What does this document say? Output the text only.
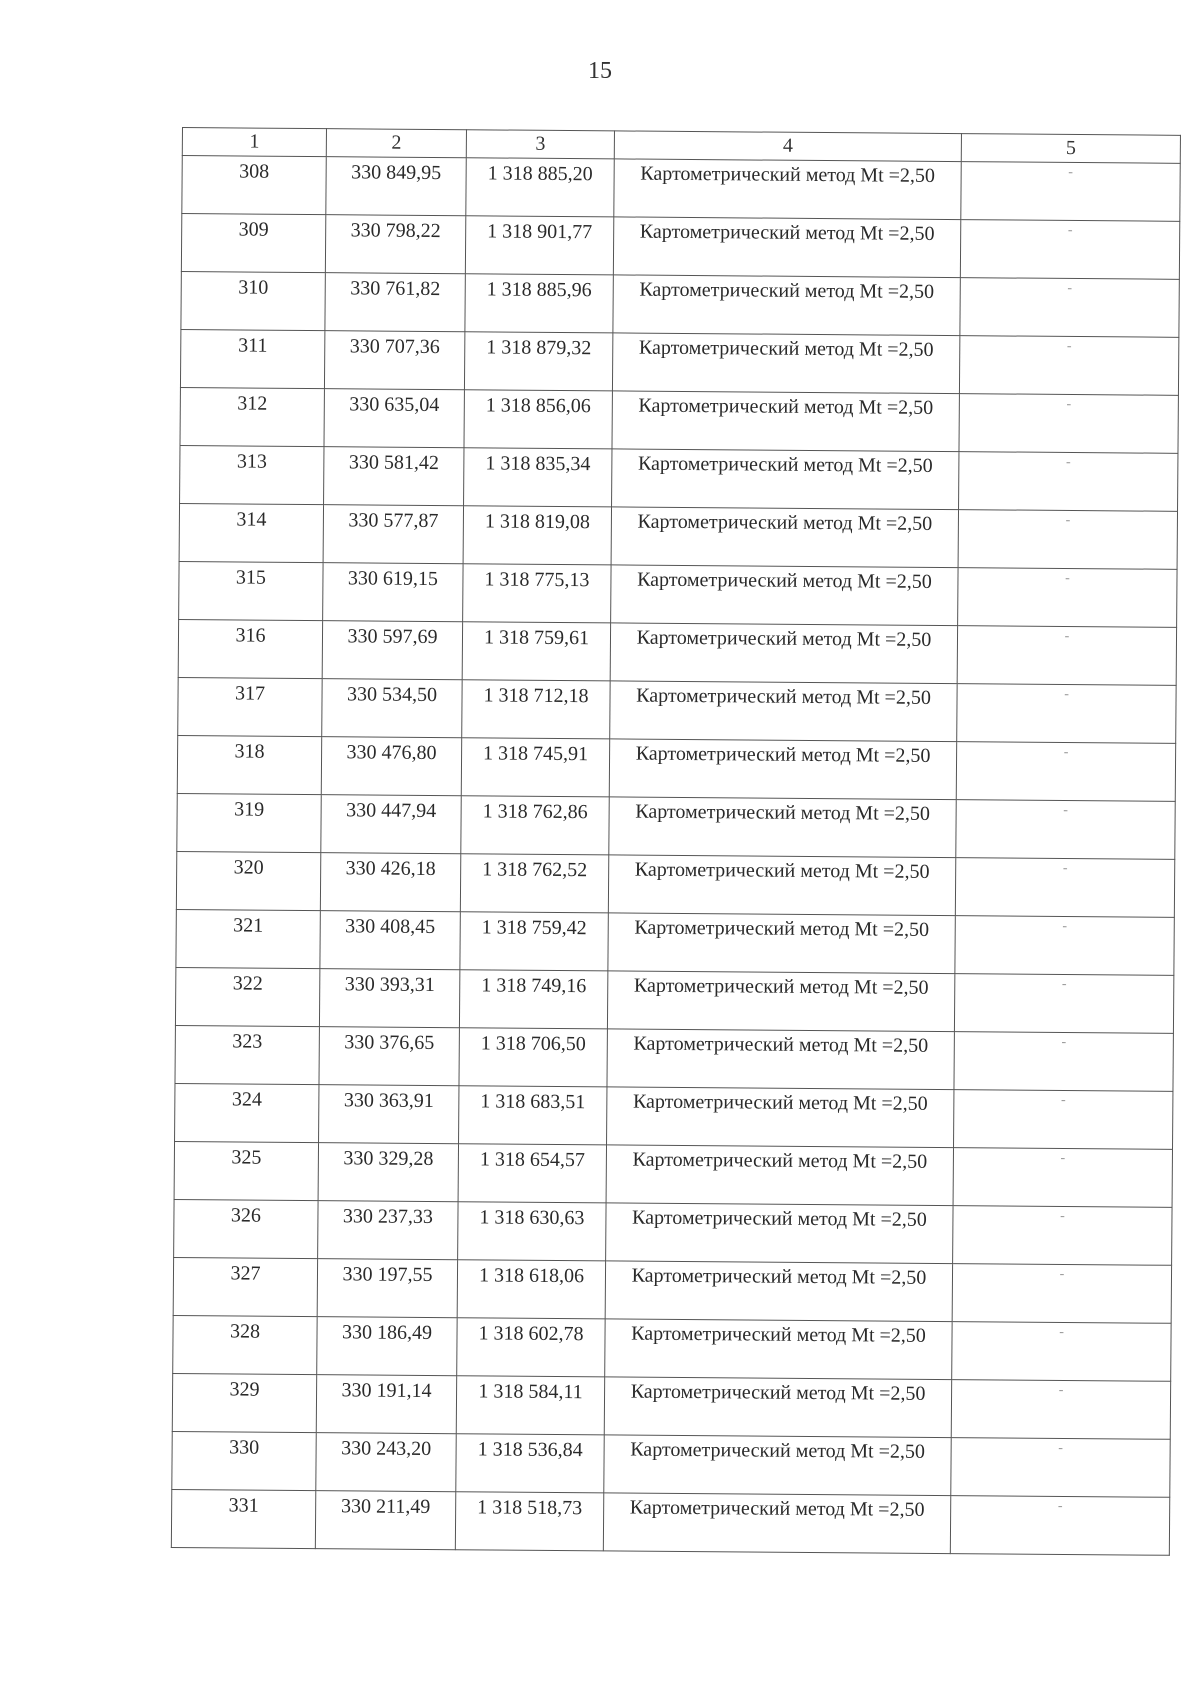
15
1	2	3	4	5
308	330 849,95	1 318 885,20	Картометрический метод Mt =2,50	-
309	330 798,22	1 318 901,77	Картометрический метод Mt =2,50	-
310	330 761,82	1 318 885,96	Картометрический метод Mt =2,50	-
311	330 707,36	1 318 879,32	Картометрический метод Mt =2,50	-
312	330 635,04	1 318 856,06	Картометрический метод Mt =2,50	-
313	330 581,42	1 318 835,34	Картометрический метод Mt =2,50	-
314	330 577,87	1 318 819,08	Картометрический метод Mt =2,50	-
315	330 619,15	1 318 775,13	Картометрический метод Mt =2,50	-
316	330 597,69	1 318 759,61	Картометрический метод Mt =2,50	-
317	330 534,50	1 318 712,18	Картометрический метод Mt =2,50	-
318	330 476,80	1 318 745,91	Картометрический метод Mt =2,50	-
319	330 447,94	1 318 762,86	Картометрический метод Mt =2,50	-
320	330 426,18	1 318 762,52	Картометрический метод Mt =2,50	-
321	330 408,45	1 318 759,42	Картометрический метод Mt =2,50	-
322	330 393,31	1 318 749,16	Картометрический метод Mt =2,50	-
323	330 376,65	1 318 706,50	Картометрический метод Mt =2,50	-
324	330 363,91	1 318 683,51	Картометрический метод Mt =2,50	-
325	330 329,28	1 318 654,57	Картометрический метод Mt =2,50	-
326	330 237,33	1 318 630,63	Картометрический метод Mt =2,50	-
327	330 197,55	1 318 618,06	Картометрический метод Mt =2,50	-
328	330 186,49	1 318 602,78	Картометрический метод Mt =2,50	-
329	330 191,14	1 318 584,11	Картометрический метод Mt =2,50	-
330	330 243,20	1 318 536,84	Картометрический метод Mt =2,50	-
331	330 211,49	1 318 518,73	Картометрический метод Mt =2,50	-
